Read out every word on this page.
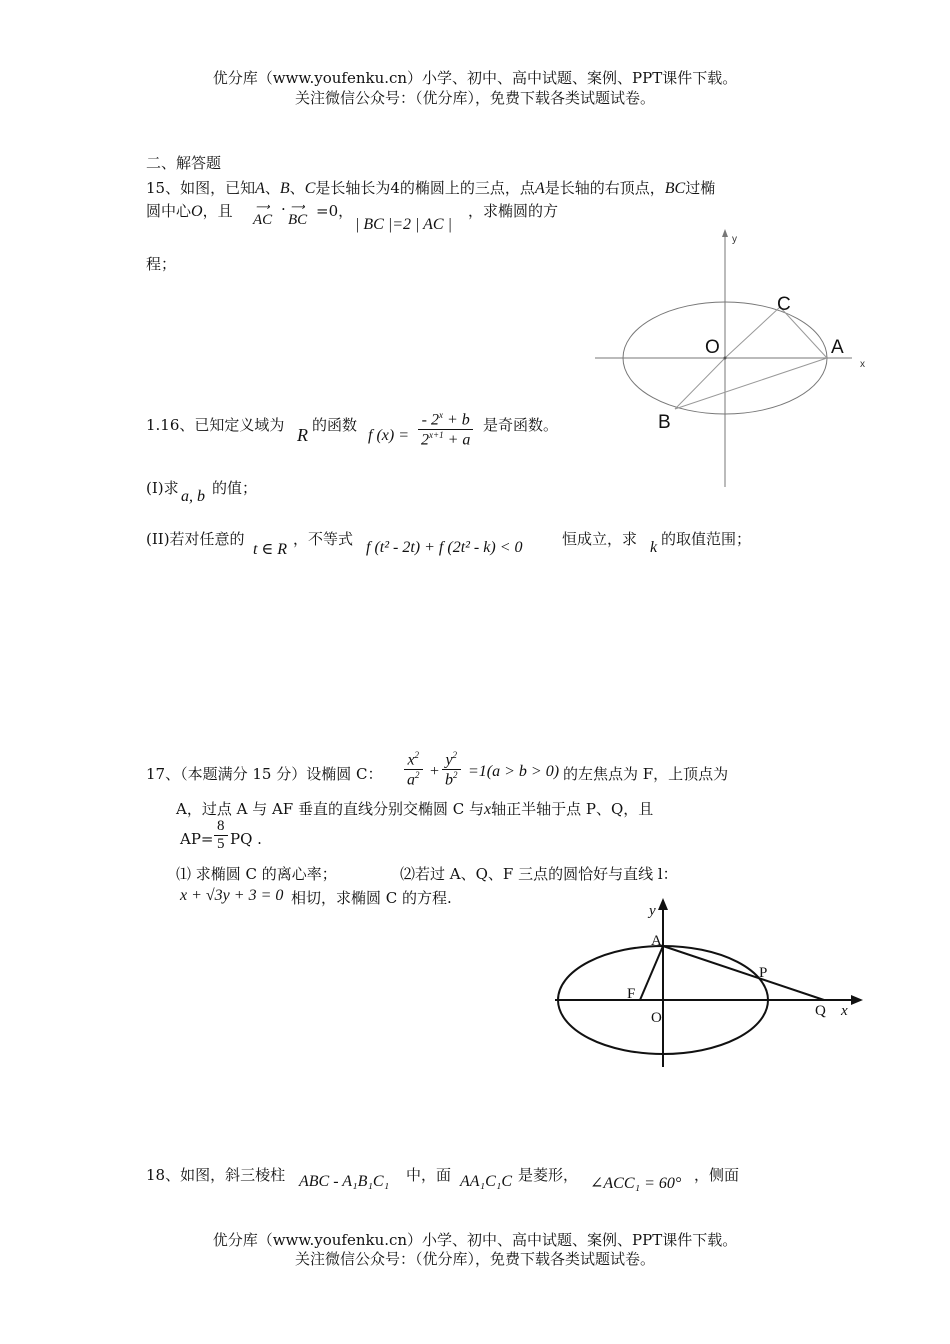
优分库（www.youfenku.cn）小学、初中、高中试题、案例、PPT课件下载。
关注微信公众号：（优分库），免费下载各类试题试卷。
二、解答题
15、如图，已知A、B、C是长轴长为4的椭圆上的三点，点A是长轴的右顶点，BC过椭
圆中心O，且 ⟶
AC
· ⟶
BC =0，
| BC |=2 | AC |
，求椭圆的方
程；
y
x
O	A
B
C
1.16、已知定义域为 R 的函数
f $(x) = \frac{- 2^x + b}{2^{x+1} + a}$ 是奇函数。
(I)求 a, b 的值；
(II)若对任意的
t ∈ R
，不等式 f (t² - 2t) + f (2t² - k) < 0	恒成立，求 k 的取值范围；
17、（本题满分 15 分）设椭圆 C： $\frac{x^2}{a^2} + \frac{y^2}{b^2} =1(a > b > 0)$ 的左焦点为 F，上顶点为
A，过点 A 与 AF 垂直的直线分别交椭圆 C 与x轴正半轴于点 P、Q，且
$AP= \frac{8}{5}$ PQ .
⑴ 求椭圆 C 的离心率；	⑵若过 A、Q、F 三点的圆恰好与直线 l：
x + √3y + 3 = 0 相切，求椭圆 C 的方程.
A
P
F
O	Q x
y
18、如图，斜三棱柱 ABC - A₁B₁C₁ 中，面 AA₁C₁C 是菱形， ∠ACC₁ = 60° ，侧面
优分库（www.youfenku.cn）小学、初中、高中试题、案例、PPT课件下载。
关注微信公众号：（优分库），免费下载各类试题试卷。
